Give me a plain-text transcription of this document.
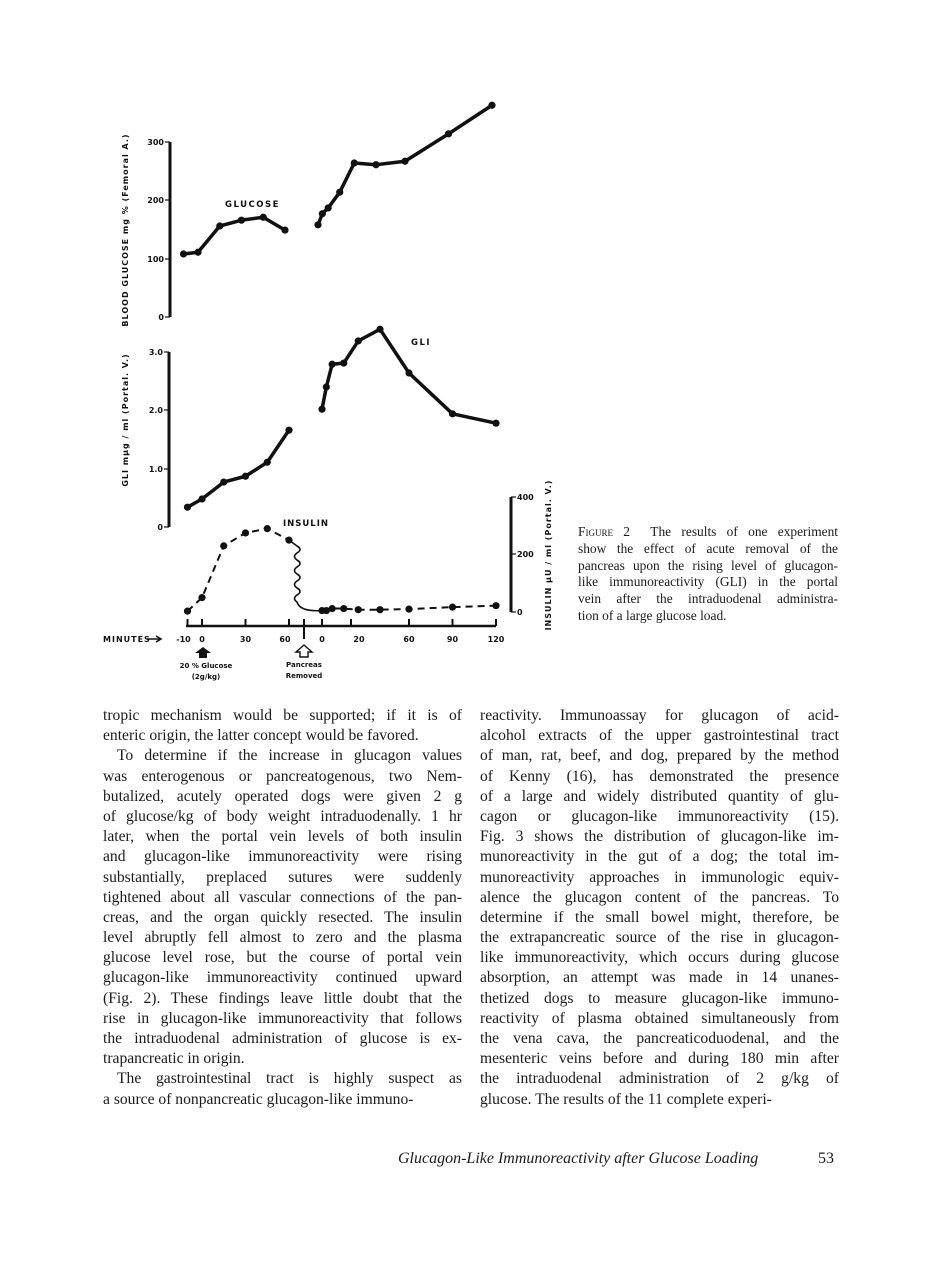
300
200
100
0
BLOOD GLUCOSE mg % (Femoral A.)
3.0
2.0
1.0
0
GLI mμg / ml (Portal. V.)
400
200
0	INSULIN μU / ml (Portal. V.)
GLUCOSE
GLI
INSULIN
-10 0	30	60	0	20	60	90	120
MINUTES
20 % Glucose
(2g/kg)
Pancreas
Removed
Figure 2 The results of one experiment
show the effect of acute removal of the
pancreas upon the rising level of glucagon-
like immunoreactivity (GLI) in the portal
vein after the intraduodenal administra-
tion of a large glucose load.
tropic mechanism would be supported; if it is of
enteric origin, the latter concept would be favored.
To determine if the increase in glucagon values
was enterogenous or pancreatogenous, two Nem-
butalized, acutely operated dogs were given 2 g
of glucose/kg of body weight intraduodenally. 1 hr
later, when the portal vein levels of both insulin
and glucagon-like immunoreactivity were rising
substantially, preplaced sutures were suddenly
tightened about all vascular connections of the pan-
creas, and the organ quickly resected. The insulin
level abruptly fell almost to zero and the plasma
glucose level rose, but the course of portal vein
glucagon-like immunoreactivity continued upward
(Fig. 2). These findings leave little doubt that the
rise in glucagon-like immunoreactivity that follows
the intraduodenal administration of glucose is ex-
trapancreatic in origin.
The gastrointestinal tract is highly suspect as
a source of nonpancreatic glucagon-like immuno-
reactivity. Immunoassay for glucagon of acid-
alcohol extracts of the upper gastrointestinal tract
of man, rat, beef, and dog, prepared by the method
of Kenny (16), has demonstrated the presence
of a large and widely distributed quantity of glu-
cagon or glucagon-like immunoreactivity (15).
Fig. 3 shows the distribution of glucagon-like im-
munoreactivity in the gut of a dog; the total im-
munoreactivity approaches in immunologic equiv-
alence the glucagon content of the pancreas. To
determine if the small bowel might, therefore, be
the extrapancreatic source of the rise in glucagon-
like immunoreactivity, which occurs during glucose
absorption, an attempt was made in 14 unanes-
thetized dogs to measure glucagon-like immuno-
reactivity of plasma obtained simultaneously from
the vena cava, the pancreaticoduodenal, and the
mesenteric veins before and during 180 min after
the intraduodenal administration of 2 g/kg of
glucose. The results of the 11 complete experi-
Glucagon-Like Immunoreactivity after Glucose Loading	53
